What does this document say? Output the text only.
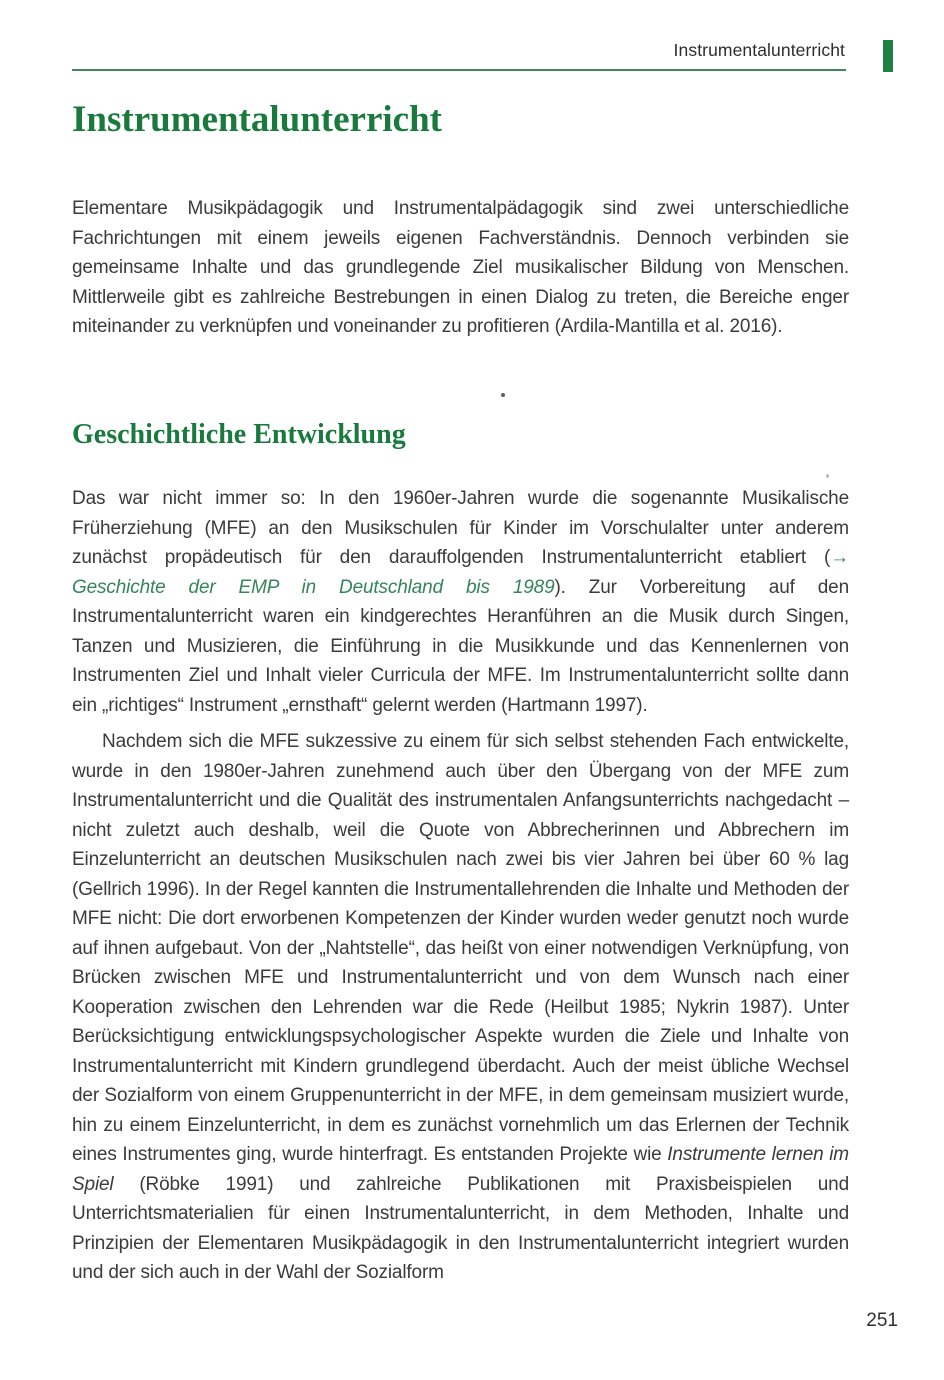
Instrumentalunterricht
Instrumentalunterricht

Elementare Musikpädagogik und Instrumentalpädagogik sind zwei unterschiedliche Fachrichtungen mit einem jeweils eigenen Fachverständnis. Dennoch verbinden sie gemeinsame Inhalte und das grundlegende Ziel musikalischer Bildung von Menschen. Mittlerweile gibt es zahlreiche Bestrebungen in einen Dialog zu treten, die Bereiche enger miteinander zu verknüpfen und voneinander zu profitieren (Ardila-Mantilla et al. 2016).

Geschichtliche Entwicklung

Das war nicht immer so: In den 1960er-Jahren wurde die sogenannte Musikalische Früherziehung (MFE) an den Musikschulen für Kinder im Vorschulalter unter anderem zunächst propädeutisch für den darauffolgenden Instrumentalunterricht etabliert (→ Geschichte der EMP in Deutschland bis 1989). Zur Vorbereitung auf den Instrumentalunterricht waren ein kindgerechtes Heranführen an die Musik durch Singen, Tanzen und Musizieren, die Einführung in die Musikkunde und das Kennenlernen von Instrumenten Ziel und Inhalt vieler Curricula der MFE. Im Instrumentalunterricht sollte dann ein „richtiges“ Instrument „ernsthaft“ gelernt werden (Hartmann 1997).

Nachdem sich die MFE sukzessive zu einem für sich selbst stehenden Fach entwickelte, wurde in den 1980er-Jahren zunehmend auch über den Übergang von der MFE zum Instrumentalunterricht und die Qualität des instrumentalen Anfangsunterrichts nachgedacht – nicht zuletzt auch deshalb, weil die Quote von Abbrecherinnen und Abbrechern im Einzelunterricht an deutschen Musikschulen nach zwei bis vier Jahren bei über 60 % lag (Gellrich 1996). In der Regel kannten die Instrumentallehrenden die Inhalte und Methoden der MFE nicht: Die dort erworbenen Kompetenzen der Kinder wurden weder genutzt noch wurde auf ihnen aufgebaut. Von der „Nahtstelle“, das heißt von einer notwendigen Verknüpfung, von Brücken zwischen MFE und Instrumentalunterricht und von dem Wunsch nach einer Kooperation zwischen den Lehrenden war die Rede (Heilbut 1985; Nykrin 1987). Unter Berücksichtigung entwicklungspsychologischer Aspekte wurden die Ziele und Inhalte von Instrumentalunterricht mit Kindern grundlegend überdacht. Auch der meist übliche Wechsel der Sozialform von einem Gruppenunterricht in der MFE, in dem gemeinsam musiziert wurde, hin zu einem Einzelunterricht, in dem es zunächst vornehmlich um das Erlernen der Technik eines Instrumentes ging, wurde hinterfragt. Es entstanden Projekte wie Instrumente lernen im Spiel (Röbke 1991) und zahlreiche Publikationen mit Praxisbeispielen und Unterrichtsmaterialien für einen Instrumentalunterricht, in dem Methoden, Inhalte und Prinzipien der Elementaren Musikpädagogik in den Instrumentalunterricht integriert wurden und der sich auch in der Wahl der Sozialform

251
